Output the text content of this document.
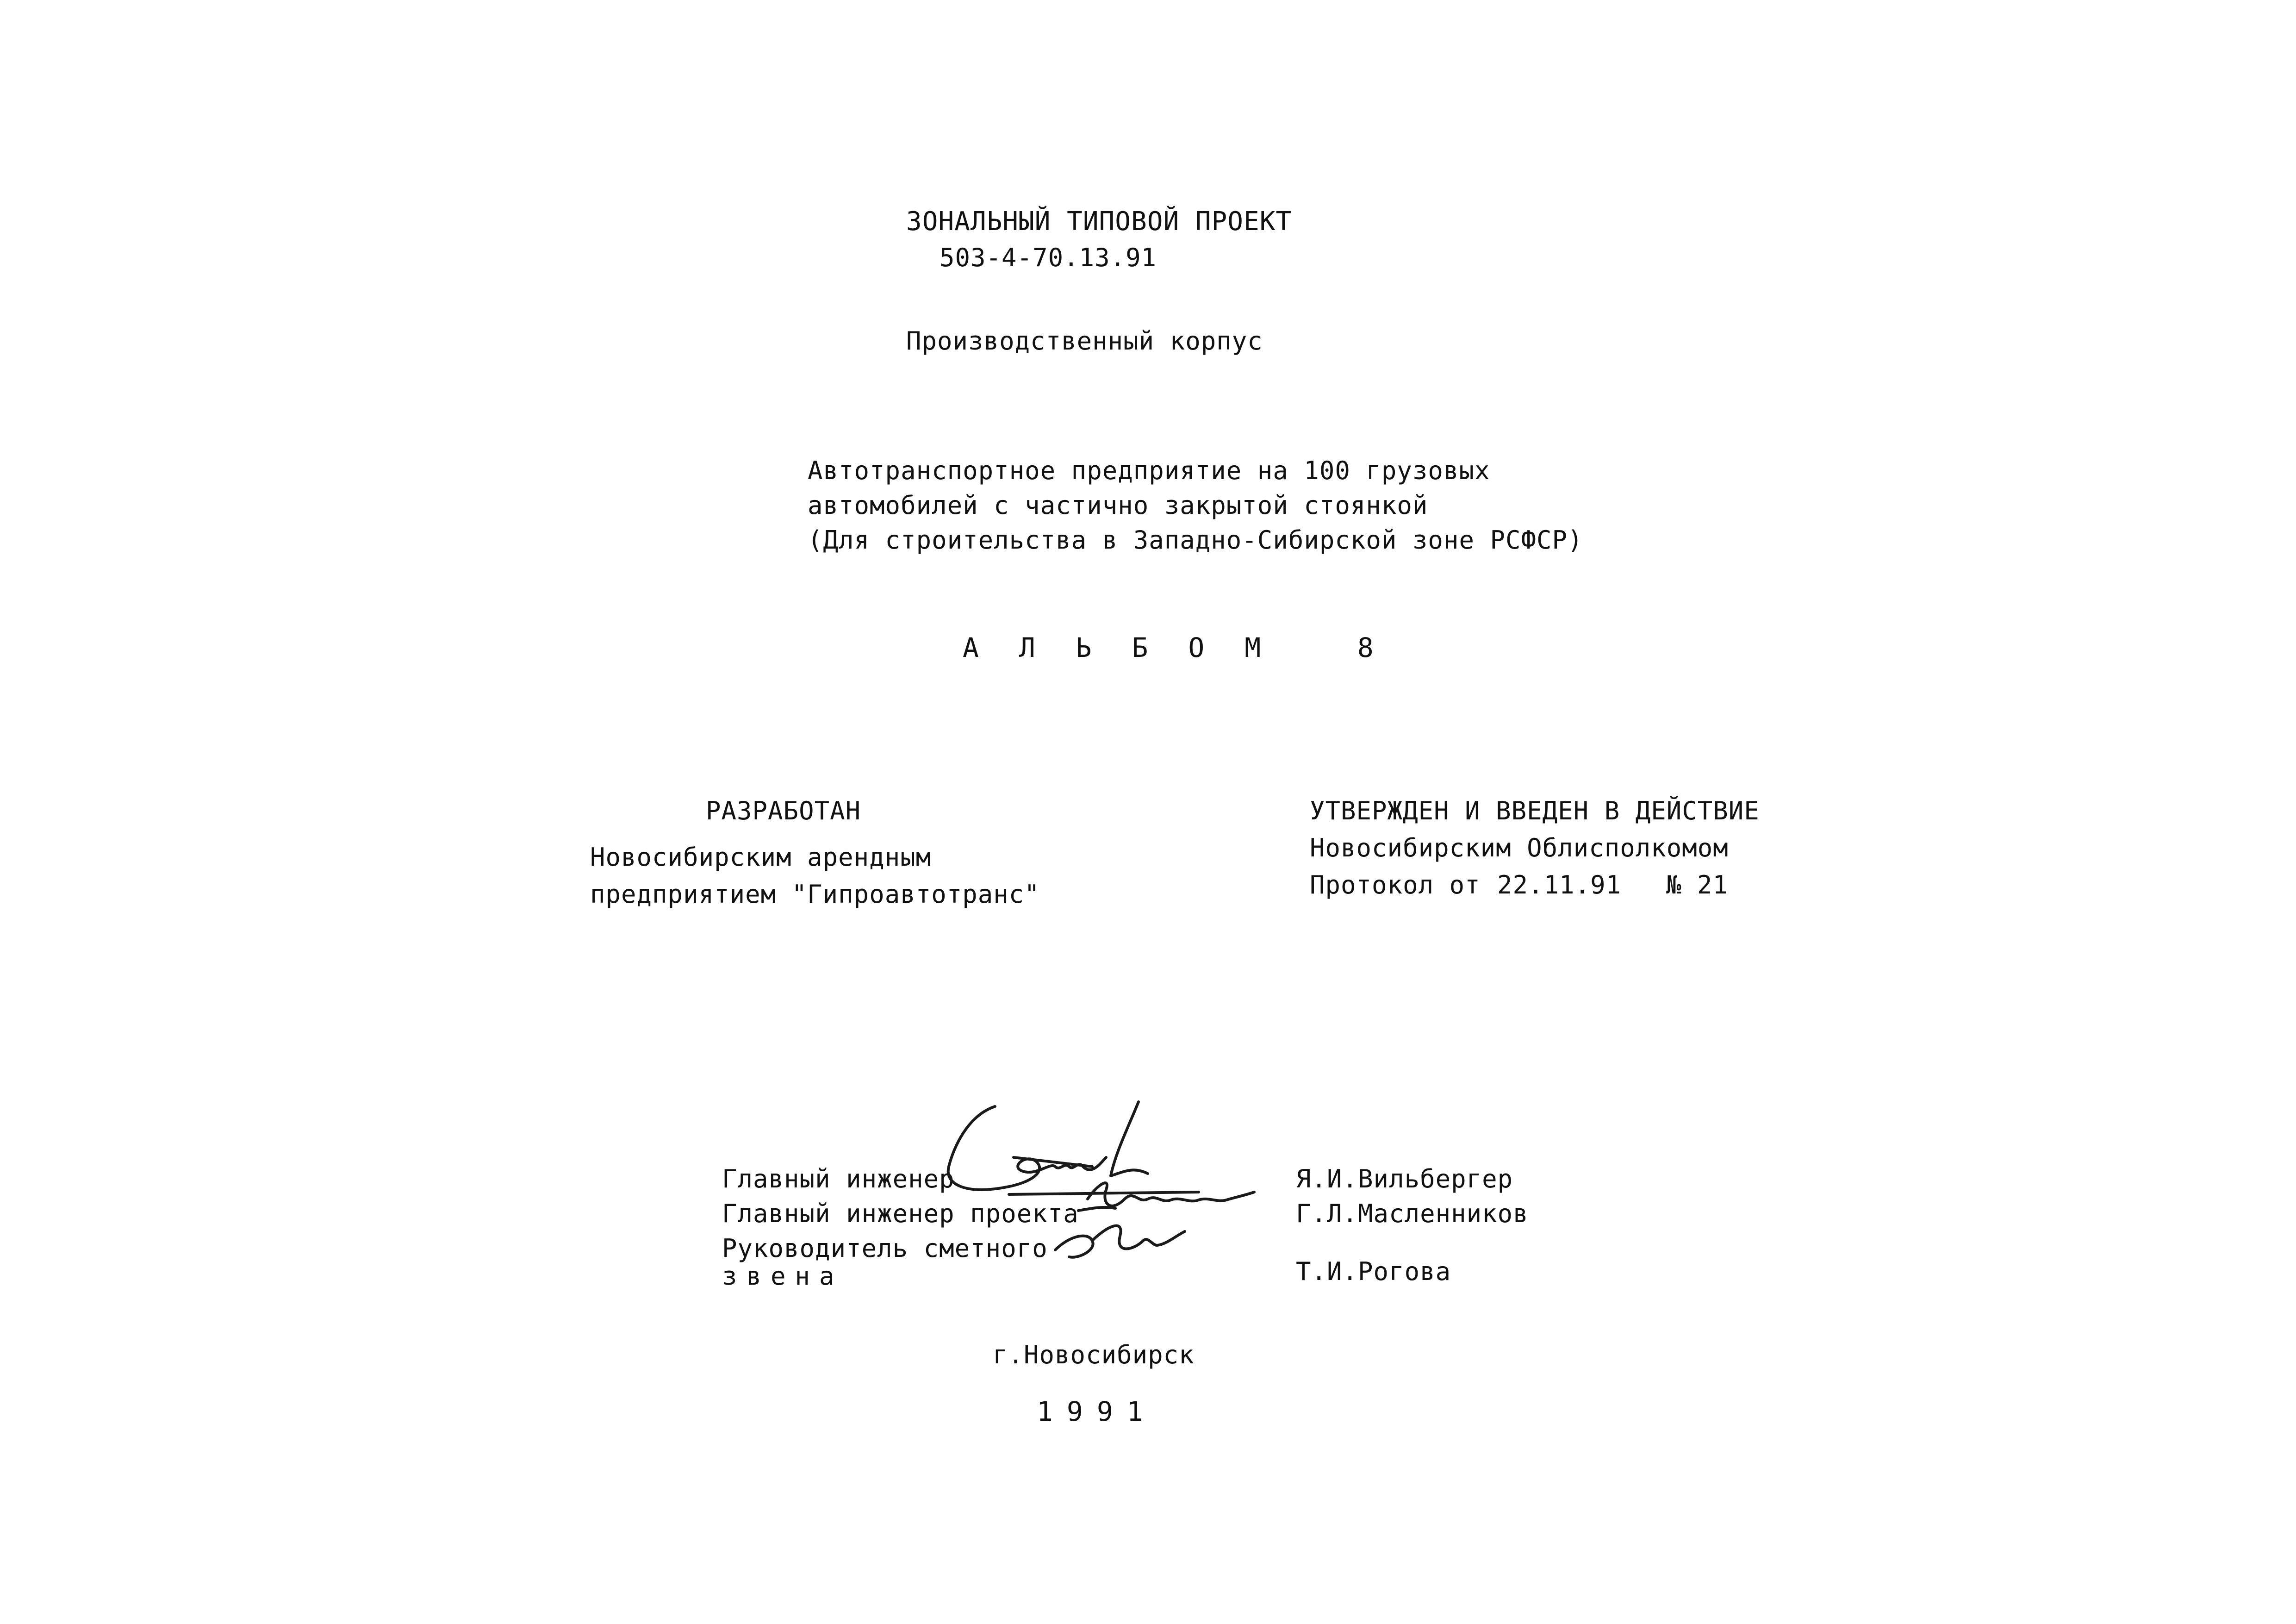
ЗОНАЛЬНЫЙ ТИПОВОЙ ПРОЕКТ
503-4-70.13.91
Производственный корпус
Автотранспортное предприятие на 100 грузовых
автомобилей с частично закрытой стоянкой
(Для строительства в Западно-Сибирской зоне РСФСР)
А Л Ь Б О М   8
РАЗРАБОТАН
Новосибирским арендным
предприятием "Гипроавтотранс"
УТВЕРЖДЕН И ВВЕДЕН В ДЕЙСТВИЕ
Новосибирским Облисполкомом
Протокол от 22.11.91 № 21
Главный инженер	Я.И.Вильбергер
Главный инженер проекта	Г.Л.Масленников
Руководитель сметного
звена	Т.И.Рогова
г.Новосибирск
1991
